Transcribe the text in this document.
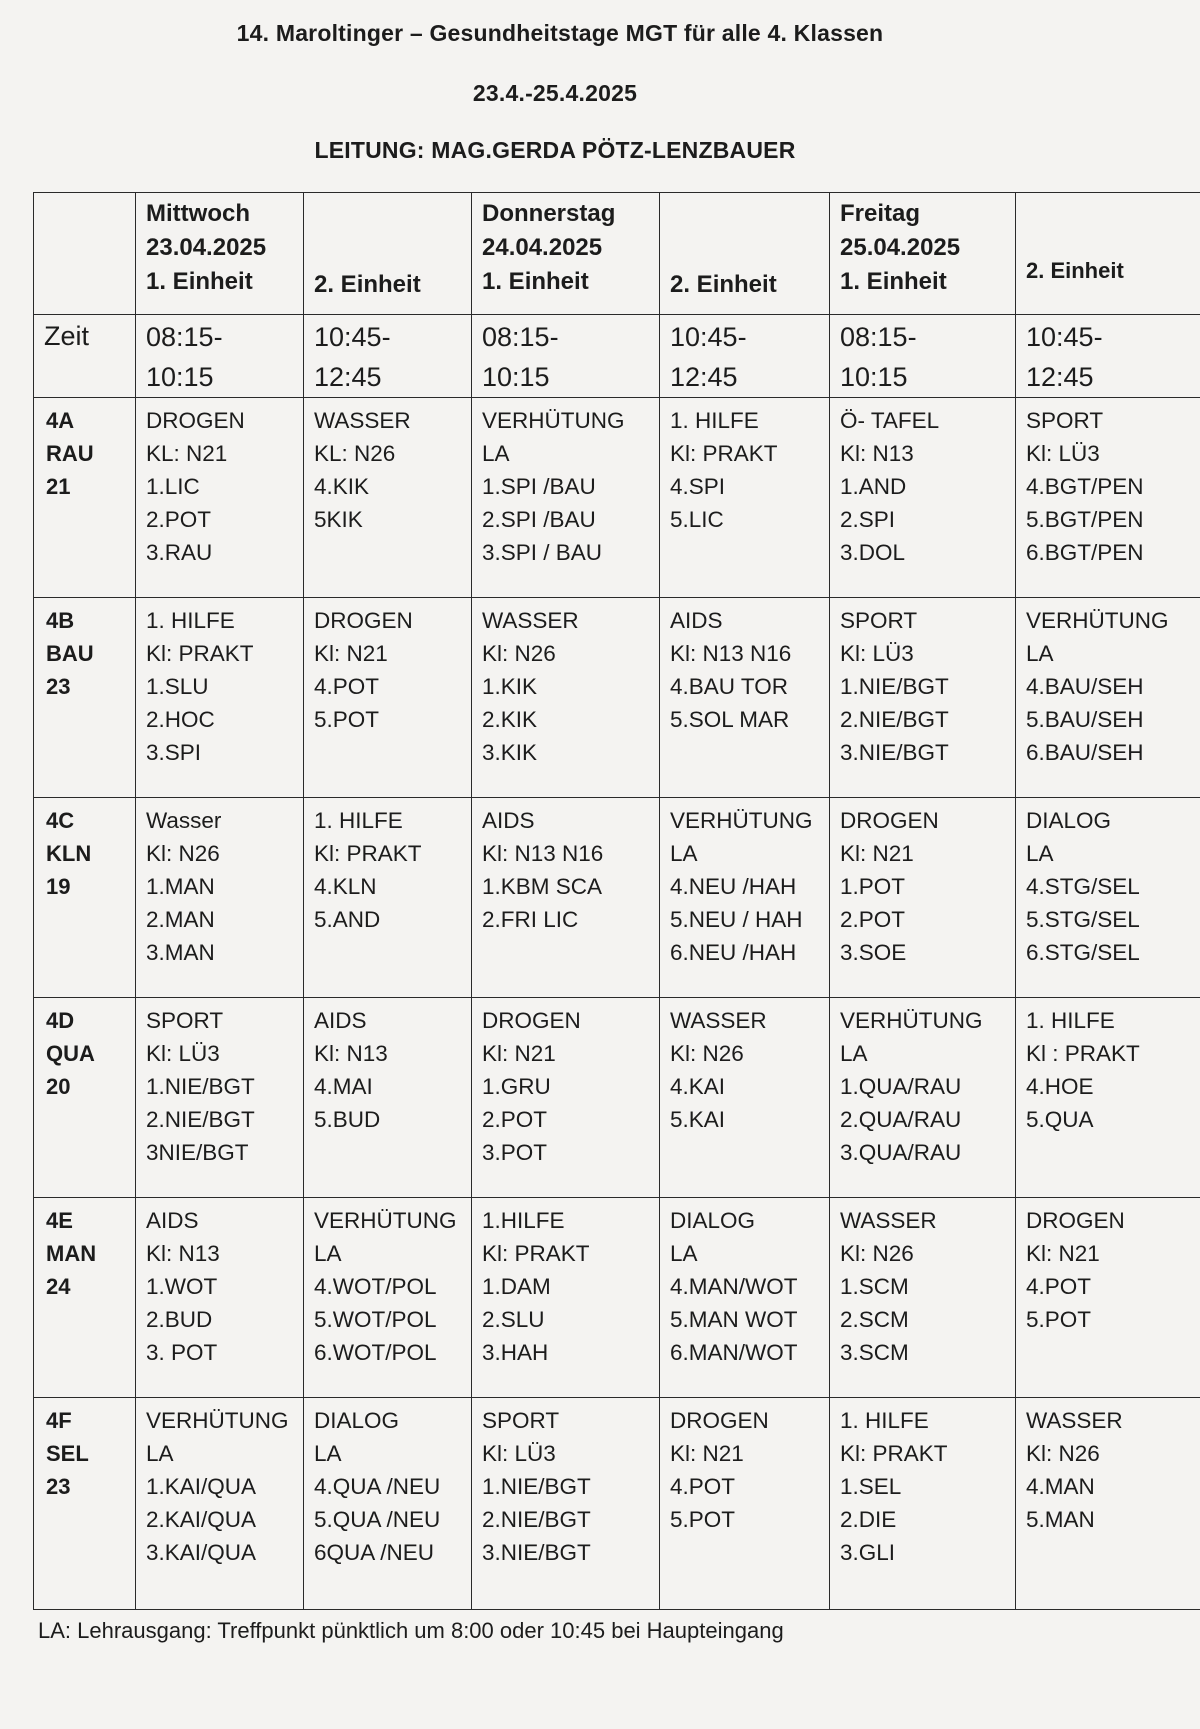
14. Maroltinger – Gesundheitstage MGT für alle 4. Klassen
23.4.-25.4.2025
LEITUNG: MAG.GERDA PÖTZ-LENZBAUER

	Mittwoch
23.04.2025
1. Einheit	2. Einheit	Donnerstag
24.04.2025
1. Einheit	2. Einheit	Freitag
25.04.2025
1. Einheit	2. Einheit

Zeit	08:15-
10:15	10:45-
12:45	08:15-
10:15	10:45-
12:45	08:15-
10:15	10:45-
12:45

4A
RAU
21	DROGEN
KL: N21
1.LIC
2.POT
3.RAU	WASSER
KL: N26
4.KIK
5KIK	VERHÜTUNG
LA
1.SPI /BAU
2.SPI /BAU
3.SPI / BAU	1. HILFE
Kl: PRAKT
4.SPI
5.LIC	Ö- TAFEL
Kl: N13
1.AND
2.SPI
3.DOL	SPORT
Kl: LÜ3
4.BGT/PEN
5.BGT/PEN
6.BGT/PEN

4B
BAU
23	1. HILFE
Kl: PRAKT
1.SLU
2.HOC
3.SPI	DROGEN
Kl: N21
4.POT
5.POT	WASSER
Kl: N26
1.KIK
2.KIK
3.KIK	AIDS
Kl: N13 N16
4.BAU TOR
5.SOL MAR	SPORT
Kl: LÜ3
1.NIE/BGT
2.NIE/BGT
3.NIE/BGT	VERHÜTUNG
LA
4.BAU/SEH
5.BAU/SEH
6.BAU/SEH

4C
KLN
19	Wasser
Kl: N26
1.MAN
2.MAN
3.MAN	1. HILFE
Kl: PRAKT
4.KLN
5.AND	AIDS
Kl: N13 N16
1.KBM SCA
2.FRI LIC	VERHÜTUNG
LA
4.NEU /HAH
5.NEU / HAH
6.NEU /HAH	DROGEN
Kl: N21
1.POT
2.POT
3.SOE	DIALOG
LA
4.STG/SEL
5.STG/SEL
6.STG/SEL

4D
QUA
20	SPORT
Kl: LÜ3
1.NIE/BGT
2.NIE/BGT
3NIE/BGT	AIDS
Kl: N13
4.MAI
5.BUD	DROGEN
Kl: N21
1.GRU
2.POT
3.POT	WASSER
Kl: N26
4.KAI
5.KAI	VERHÜTUNG
LA
1.QUA/RAU
2.QUA/RAU
3.QUA/RAU	1. HILFE
Kl : PRAKT
4.HOE
5.QUA

4E
MAN
24	AIDS
Kl: N13
1.WOT
2.BUD
3. POT	VERHÜTUNG
LA
4.WOT/POL
5.WOT/POL
6.WOT/POL	1.HILFE
Kl: PRAKT
1.DAM
2.SLU
3.HAH	DIALOG
LA
4.MAN/WOT
5.MAN WOT
6.MAN/WOT	WASSER
Kl: N26
1.SCM
2.SCM
3.SCM	DROGEN
Kl: N21
4.POT
5.POT

4F
SEL
23	VERHÜTUNG
LA
1.KAI/QUA
2.KAI/QUA
3.KAI/QUA	DIALOG
LA
4.QUA /NEU
5.QUA /NEU
6QUA /NEU	SPORT
Kl: LÜ3
1.NIE/BGT
2.NIE/BGT
3.NIE/BGT	DROGEN
Kl: N21
4.POT
5.POT	1. HILFE
Kl: PRAKT
1.SEL
2.DIE
3.GLI	WASSER
Kl: N26
4.MAN
5.MAN
LA: Lehrausgang: Treffpunkt pünktlich um 8:00 oder 10:45 bei Haupteingang
